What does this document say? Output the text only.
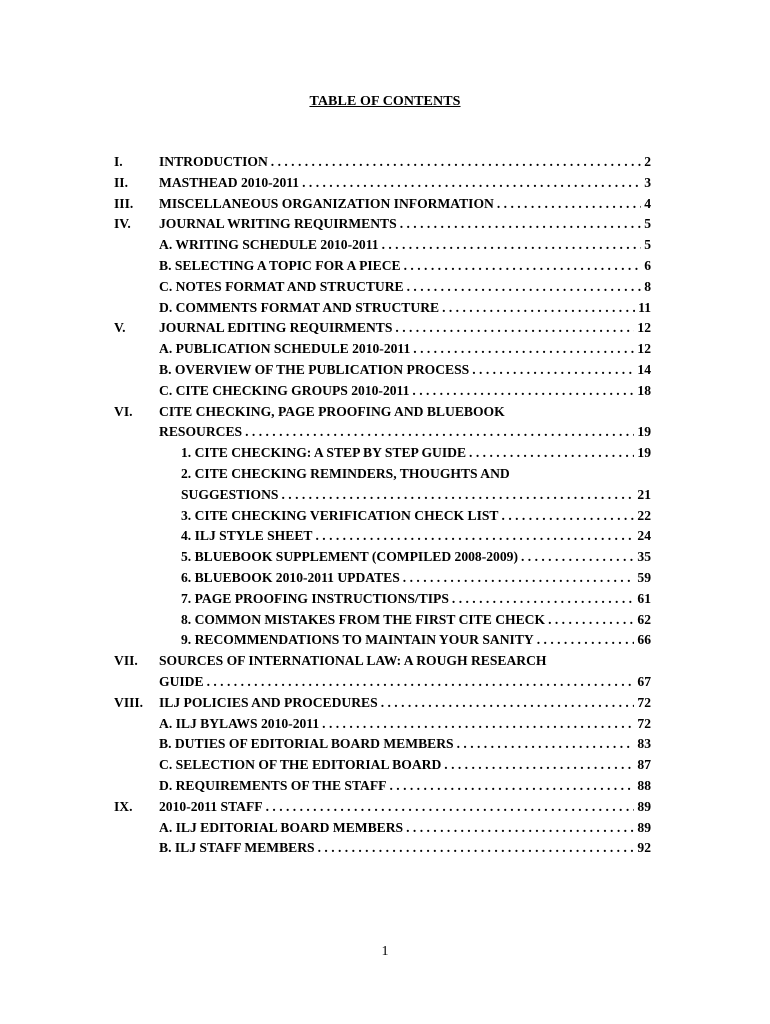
TABLE OF CONTENTS
I.	INTRODUCTION . . .	2
II. MASTHEAD 2010-2011 . . .	3
III. MISCELLANEOUS ORGANIZATION INFORMATION . . .	4
IV. JOURNAL WRITING REQUIRMENTS . . .	5
A. WRITING SCHEDULE 2010-2011 . . .	5
B. SELECTING A TOPIC FOR A PIECE . . .	6
C. NOTES FORMAT AND STRUCTURE . . .	8
D. COMMENTS FORMAT AND STRUCTURE . . .	11
V. JOURNAL EDITING REQUIRMENTS . . .	12
A. PUBLICATION SCHEDULE 2010-2011 . . .	12
B. OVERVIEW OF THE PUBLICATION PROCESS . . .	14
C. CITE CHECKING GROUPS 2010-2011 . . .	18
VI. CITE CHECKING, PAGE PROOFING AND BLUEBOOK
RESOURCES . . .	19
1. CITE CHECKING: A STEP BY STEP GUIDE . . .	19
2. CITE CHECKING REMINDERS, THOUGHTS AND
SUGGESTIONS . . .	21
3. CITE CHECKING VERIFICATION CHECK LIST . . .	22
4. ILJ STYLE SHEET . . .	24
5. BLUEBOOK SUPPLEMENT (COMPILED 2008-2009) . . .	35
6. BLUEBOOK 2010-2011 UPDATES . . .	59
7. PAGE PROOFING INSTRUCTIONS/TIPS . . .	61
8. COMMON MISTAKES FROM THE FIRST CITE CHECK . . .	62
9. RECOMMENDATIONS TO MAINTAIN YOUR SANITY . . .	66
VII. SOURCES OF INTERNATIONAL LAW: A ROUGH RESEARCH
GUIDE . . .	67
VIII. ILJ POLICIES AND PROCEDURES . . .	72
A. ILJ BYLAWS 2010-2011 . . .	72
B. DUTIES OF EDITORIAL BOARD MEMBERS . . .	83
C. SELECTION OF THE EDITORIAL BOARD . . .	87
D. REQUIREMENTS OF THE STAFF . . .	88
IX. 2010-2011 STAFF . . .	89
A. ILJ EDITORIAL BOARD MEMBERS . . .	89
B. ILJ STAFF MEMBERS . . .	92
1
